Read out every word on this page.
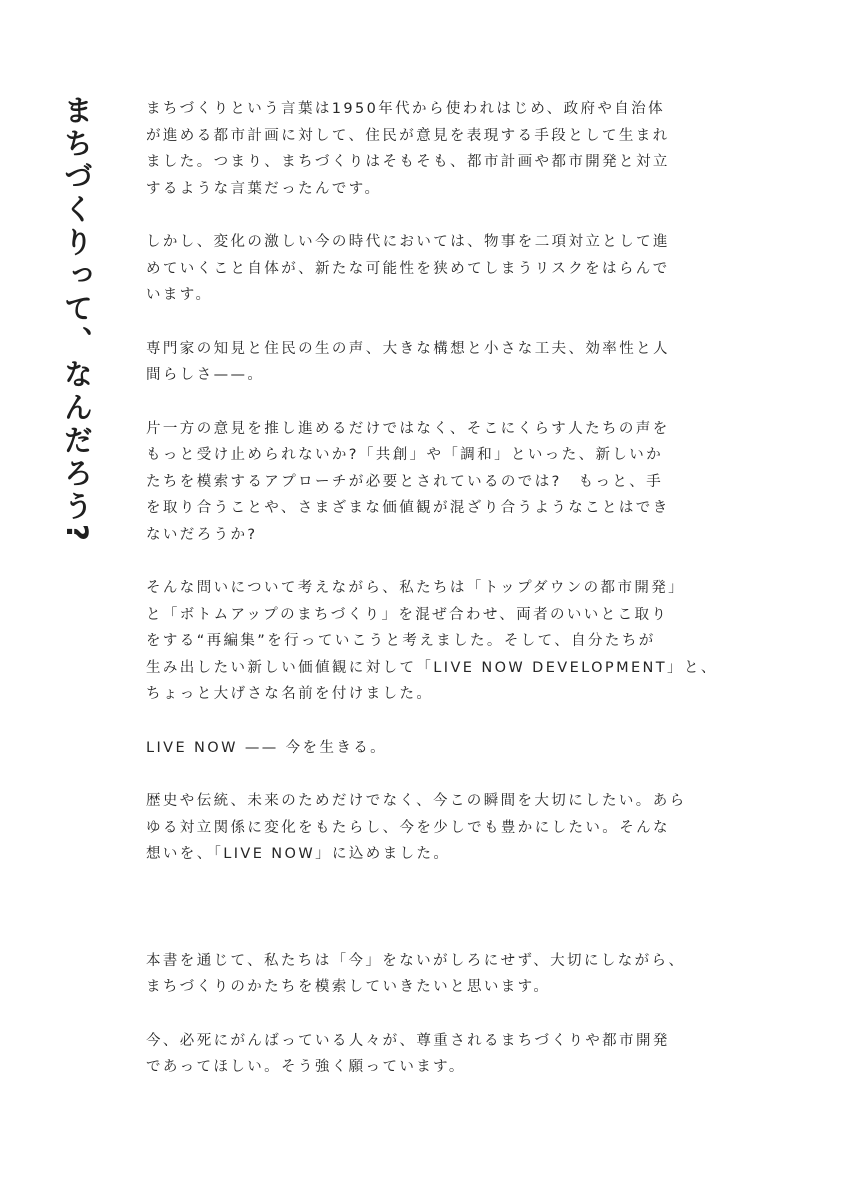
まちづくりって、なんだろう?	まちづくりという言葉は1950年代から使われはじめ、政府や自治体
が進める都市計画に対して、住民が意見を表現する手段として生まれ
ました。つまり、まちづくりはそもそも、都市計画や都市開発と対立
するような言葉だったんです。

しかし、変化の激しい今の時代においては、物事を二項対立として進
めていくこと自体が、新たな可能性を狭めてしまうリスクをはらんで
います。

専門家の知見と住民の生の声、大きな構想と小さな工夫、効率性と人
間らしさ——。

片一方の意見を推し進めるだけではなく、そこにくらす人たちの声を
もっと受け止められないか?「共創」や「調和」といった、新しいか
たちを模索するアプローチが必要とされているのでは?　もっと、手
を取り合うことや、さまざまな価値観が混ざり合うようなことはでき
ないだろうか?

そんな問いについて考えながら、私たちは「トップダウンの都市開発」
と「ボトムアップのまちづくり」を混ぜ合わせ、両者のいいとこ取り
をする“再編集”を行っていこうと考えました。そして、自分たちが
生み出したい新しい価値観に対して「LIVE NOW DEVELOPMENT」と、
ちょっと大げさな名前を付けました。

LIVE NOW —— 今を生きる。

歴史や伝統、未来のためだけでなく、今この瞬間を大切にしたい。あら
ゆる対立関係に変化をもたらし、今を少しでも豊かにしたい。そんな
想いを、「LIVE NOW」に込めました。

本書を通じて、私たちは「今」をないがしろにせず、大切にしながら、
まちづくりのかたちを模索していきたいと思います。

今、必死にがんばっている人々が、尊重されるまちづくりや都市開発
であってほしい。そう強く願っています。
